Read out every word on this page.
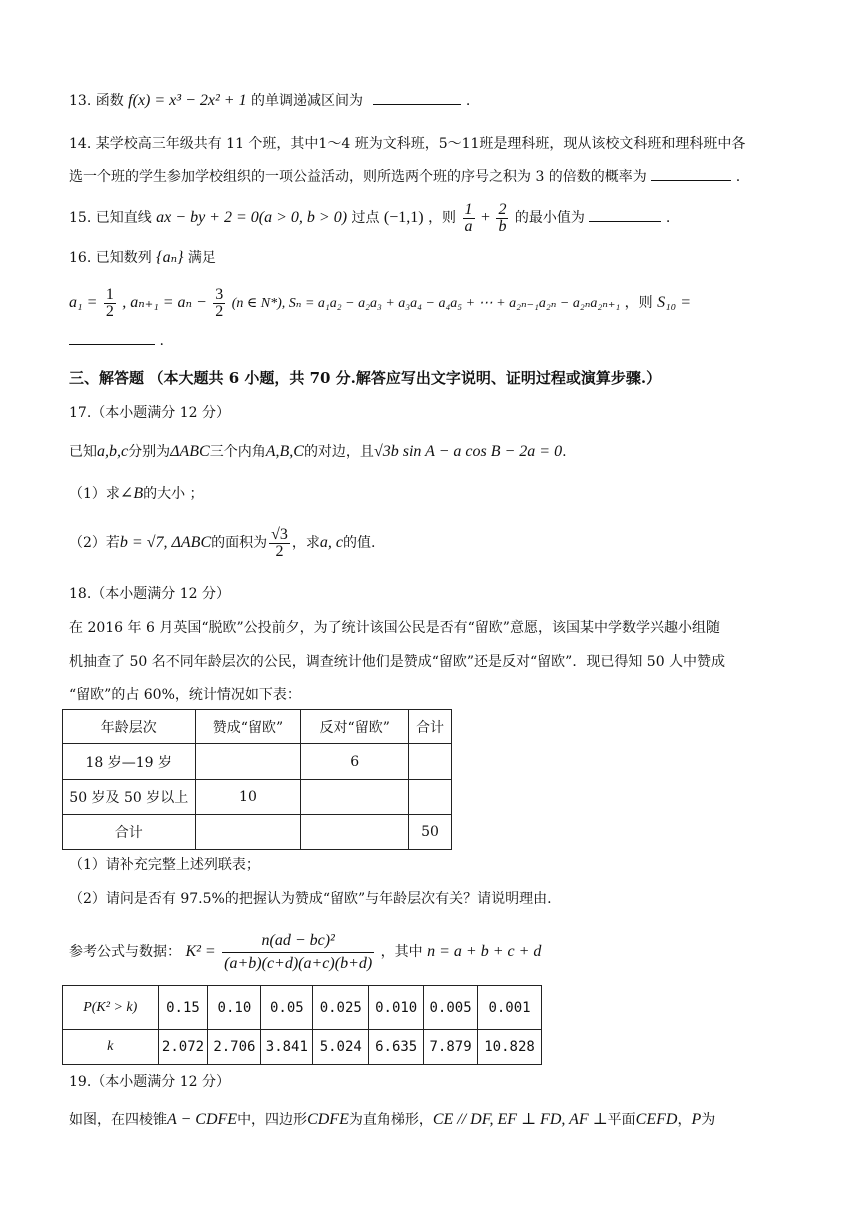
13. 函数 f(x) = x³ − 2x² + 1 的单调递减区间为	.
14. 某学校高三年级共有 11 个班，其中1～4 班为文科班，5～11班是理科班，现从该校文科班和理科班中各
选一个班的学生参加学校组织的一项公益活动，则所选两个班的序号之积为 3 的倍数的概率为	.
15. 已知直线 ax − by + 2 = 0(a > 0, b > 0) 过点 (−1,1) ，则 $\frac{1}{a} + \frac{2}{b}$ 的最小值为	.
16. 已知数列 {aₙ} 满足
$a_1 = \frac{1}{2}$ , $a_{n+1} = a_n - \frac{3}{2} (n$ ∈ N*), Sₙ = a₁a₂ − a₂a₃ + a₃a₄ − a₄a₅ + ⋯ + a₂ₙ₋₁a₂ₙ − a₂ₙa₂ₙ₊₁ ，则 S₁₀ =
.
三、解答题 （本大题共 6 小题，共 70 分.解答应写出文字说明、证明过程或演算步骤.）
17.（本小题满分 12 分）
已知a,b,c分别为ΔABC三个内角A,B,C的对边，且√3b sin A − a cos B − 2a = 0.
（1）求∠B的大小 ；
（2）若b = √7, ΔABC的面积为 $\frac{√3}{2}$ ，求a, c的值.
18.（本小题满分 12 分）
在 2016 年 6 月英国“脱欧”公投前夕，为了统计该国公民是否有“留欧”意愿，该国某中学数学兴趣小组随
机抽查了 50 名不同年龄层次的公民，调查统计他们是赞成“留欧”还是反对“留欧”．现已得知 50 人中赞成
“留欧”的占 60%，统计情况如下表：
年龄层次	赞成“留欧”	反对“留欧”	合计
18 岁—19 岁		6	
50 岁及 50 岁以上	10		
合计			50
（1）请补充完整上述列联表；
（2）请问是否有 97.5%的把握认为赞成“留欧”与年龄层次有关？请说明理由.
参考公式与数据： $K^2 = \frac{\text{n(ad − bc)²}}{(a+b)(c+d)(a+c)(b+d)}$ ，其中 n = a + b + c + d
P(K² > k)	0.15	0.10	0.05	0.025	0.010	0.005	0.001
k	2.072	2.706	3.841	5.024	6.635	7.879	10.828
19.（本小题满分 12 分）
如图，在四棱锥A − CDFE中，四边形CDFE为直角梯形，CE // DF, EF ⊥ FD, AF ⊥平面CEFD，P为
